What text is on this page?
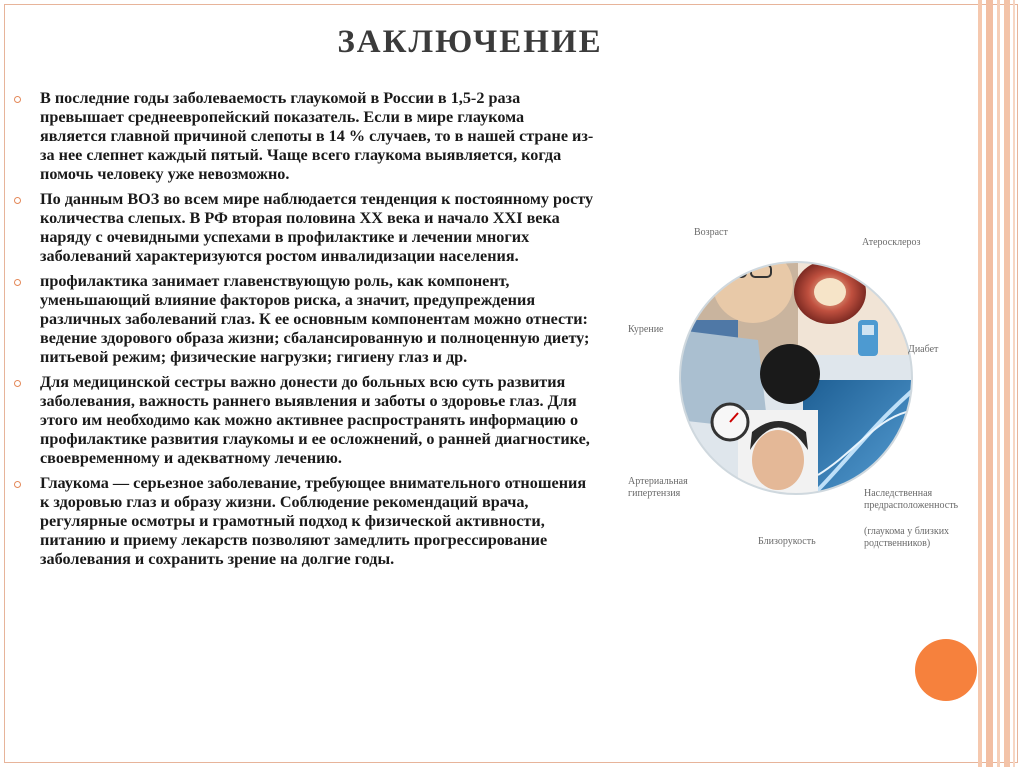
ЗАКЛЮЧЕНИЕ
В последние годы заболеваемость глаукомой в России в 1,5-2 раза превышает среднеевропейский показатель. Если в мире глаукома является главной причиной слепоты в 14 % случаев, то в нашей стране из-за нее слепнет каждый пятый. Чаще всего глаукома выявляется, когда помочь человеку уже невозможно.
По данным ВОЗ во всем мире наблюдается тенденция к постоянному росту количества слепых. В РФ вторая половина XX века и начало XXI века наряду с очевидными успехами в профилактике и лечении многих заболеваний характеризуются ростом инвалидизации населения.
профилактика занимает главенствующую роль, как компонент, уменьшающий влияние факторов риска, а значит, предупреждения различных заболеваний глаз. К ее основным компонентам можно отнести: ведение здорового образа жизни; сбалансированную и полноценную диету; питьевой режим; физические нагрузки; гигиену глаз и др.
Для медицинской сестры важно донести до больных всю суть развития заболевания, важность раннего выявления и заботы о здоровье глаз. Для этого им необходимо как можно активнее распространять информацию о профилактике развития глаукомы и ее осложнений, о ранней диагностике, своевременному и адекватному лечению.
Глаукома — серьезное заболевание, требующее внимательного отношения к здоровью глаз и образу жизни. Соблюдение рекомендаций врача, регулярные осмотры и грамотный подход к физической активности, питанию и приему лекарств позволяют замедлить прогрессирование заболевания и сохранить зрение на долгие годы.
Возраст
Атеросклероз
Курение
Диабет
Артериальная гипертензия	Наследственная предрасположенность
(глаукома у близких родственников)
Близорукость
